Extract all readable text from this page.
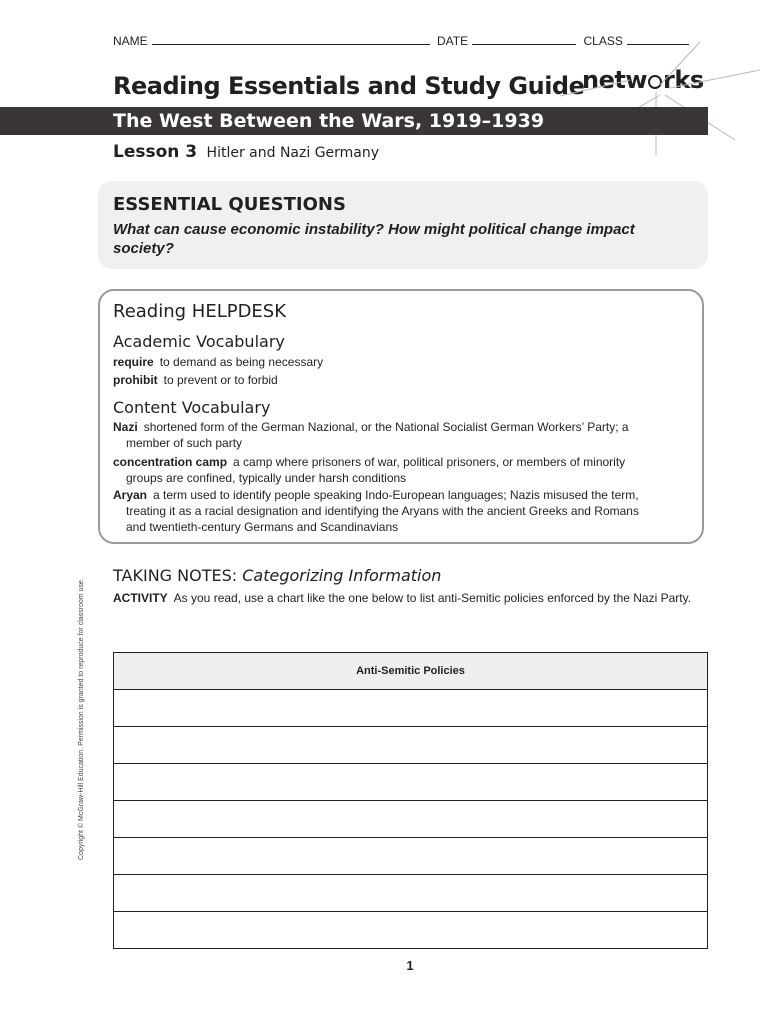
NAME	DATE	CLASS
Reading Essentials and Study Guide
netw rks
The West Between the Wars, 1919–1939
Lesson 3 Hitler and Nazi Germany
ESSENTIAL QUESTIONS
What can cause economic instability? How might political change impact society?
Reading HELPDESK
Academic Vocabulary
require to demand as being necessary
prohibit to prevent or to forbid
Content Vocabulary
Nazi shortened form of the German Nazional, or the National Socialist German Workers’ Party; a
member of such party
concentration camp a camp where prisoners of war, political prisoners, or members of minority
groups are confined, typically under harsh conditions
Aryan a term used to identify people speaking Indo-European languages; Nazis misused the term,
treating it as a racial designation and identifying the Aryans with the ancient Greeks and Romans
and twentieth-century Germans and Scandinavians
TAKING NOTES: Categorizing Information
ACTIVITY As you read, use a chart like the one below to list anti-Semitic policies enforced by the Nazi Party.
Anti-Semitic Policies

1
Copyright © McGraw-Hill Education. Permission is granted to reproduce for classroom use.
